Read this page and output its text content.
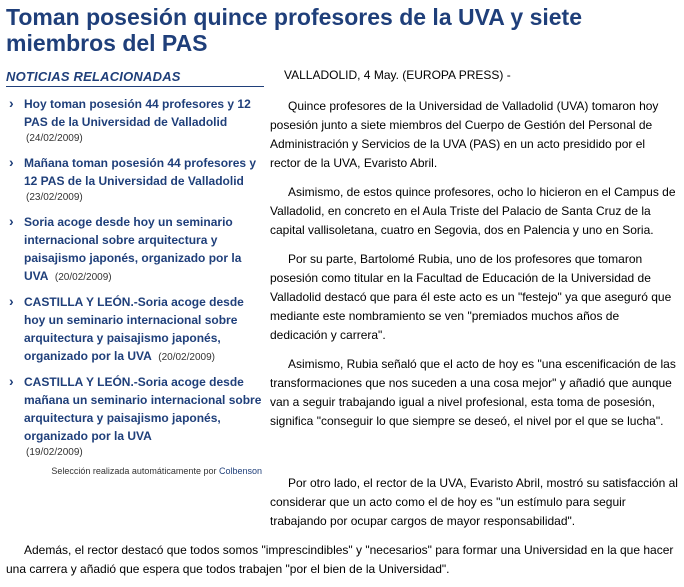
Toman posesión quince profesores de la UVA y siete miembros del PAS
NOTICIAS RELACIONADAS
› Hoy toman posesión 44 profesores y 12 PAS de la Universidad de Valladolid
(24/02/2009)
› Mañana toman posesión 44 profesores y 12 PAS de la Universidad de Valladolid
(23/02/2009)
› Soria acoge desde hoy un seminario internacional sobre arquitectura y paisajismo japonés, organizado por la UVA (20/02/2009)
› CASTILLA Y LEÓN.-Soria acoge desde hoy un seminario internacional sobre arquitectura y paisajismo japonés, organizado por la UVA (20/02/2009)
› CASTILLA Y LEÓN.-Soria acoge desde mañana un seminario internacional sobre arquitectura y paisajismo japonés, organizado por la UVA
(19/02/2009)
Selección realizada automáticamente por Colbenson

VALLADOLID, 4 May. (EUROPA PRESS) -

Quince profesores de la Universidad de Valladolid (UVA) tomaron hoy posesión junto a siete miembros del Cuerpo de Gestión del Personal de Administración y Servicios de la UVA (PAS) en un acto presidido por el rector de la UVA, Evaristo Abril.

Asimismo, de estos quince profesores, ocho lo hicieron en el Campus de Valladolid, en concreto en el Aula Triste del Palacio de Santa Cruz de la capital vallisoletana, cuatro en Segovia, dos en Palencia y uno en Soria.

Por su parte, Bartolomé Rubia, uno de los profesores que tomaron posesión como titular en la Facultad de Educación de la Universidad de Valladolid destacó que para él este acto es un "festejo" ya que aseguró que mediante este nombramiento se ven "premiados muchos años de dedicación y carrera".

Asimismo, Rubia señaló que el acto de hoy es "una escenificación de las transformaciones que nos suceden a una cosa mejor" y añadió que aunque van a seguir trabajando igual a nivel profesional, esta toma de posesión, significa "conseguir lo que siempre se deseó, el nivel por el que se lucha".

Por otro lado, el rector de la UVA, Evaristo Abril, mostró su satisfacción al considerar que un acto como el de hoy es "un estímulo para seguir trabajando por ocupar cargos de mayor responsabilidad".

Además, el rector destacó que todos somos "imprescindibles" y "necesarios" para formar una Universidad en la que hacer una carrera y añadió que espera que todos trabajen "por el bien de la Universidad".
